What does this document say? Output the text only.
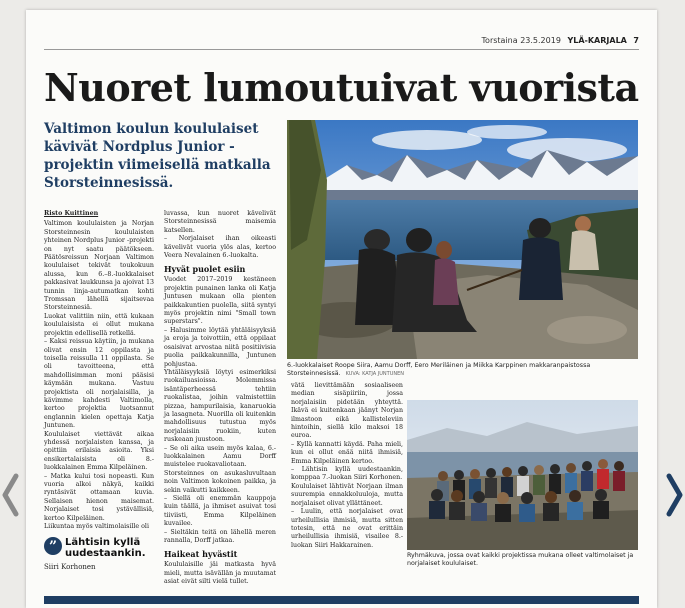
Torstaina 23.5.2019 YLÄ-KARJALA 7
Nuoret lumoutuivat vuorista

Valtimon koulun koululaiset kävivät Nordplus Junior -projektin viimeisellä matkalla Storsteinnesissä.

Risto Kuittinen

Valtimon koululaisten ja Norjan Storsteinnesin koululaisten yhteinen Nordplus Junior -projekti on nyt saatu päätökseen. Päätösreissun Norjaan Valtimon koululaiset tekivät toukokuun alussa, kun 6.–8.-luokkalaiset pakkasivat laukkunsa ja ajoivat 13 tunnin linja-autumatkan kohti Tromssan lähellä sijaitsevaa Storsteinnesiä.

Luokat valittiin niin, että kukaan koululaisista ei ollut mukana projektin edellisellä retkellä.

– Kaksi reissua käytiin, ja mukana olivat ensin 12 oppilasta ja toisella reissulla 11 oppilasta. Se oli tavoitteena, että mahdollisimman moni pääsisi käymään mukana. Vastuu projektista oli norjalaisilla, ja kävimme kahdesti Valtimolla, kertoo projektia luotsannut englannin kielen opettaja Katja Juntunen.

Koululaiset viettävät aikaa yhdessä norjalaisten kanssa, ja opittiin erilaisia asioita. Yksi ensikertalaisista oli 8.-luokkalainen Emma Kilpeläinen.

– Matka kului tosi nopeasti. Kun vuoria alkoi näkyä, kaikki ryntäsivät ottamaan kuvia. Sellaisen hienon maisemat. Norjalaiset tosi ystävällisiä, kertoo Kilpeläinen.

Liikuntaa myös valtimolaisille oli

” Lähtisin kyllä uudestaankin.
Siiri Korhonen

luvassa, kun nuoret kävelivät Storsteinnesissä maisemia katsellen.

– Norjalaiset ihan oikeasti kävelivät vuoria ylös alas, kertoo Veera Nevalainen 6.-luokalta.

Hyvät puolet esiin

Vuodet 2017–2019 kestäneen projektin punainen lanka oli Katja Juntusen mukaan olla pienten paikkakuntien puolella, siitä syntyi myös projektin nimi "Small town superstars".

– Halusimme löytää yhtäläisyyksiä ja eroja ja toivottiin, että oppilaat osaisivat arvostaa niitä positiivisia puolia paikkakunnilla, Juntunen pohjustaa.

Yhtäläisyyksiä löytyi esimerkiksi ruokailuasioissa. Molemmissa isäntäperheessä tehtiin ruokalistaa, joihin valmistettiin pizzaa, hampurilaisia, kanaruokia ja lasagneta. Nuorilla oli kuitenkin mahdollisuus tutustua myös norjalaisiin ruokiin, kuten ruskeaan juustoon.

– Se oli aika usein myös kalaa, 6.-luokkalainen Aamu Dorff muistelee ruokavaliotaan.

Storsteinnes on asukasluvultaan noin Valtimon kokoinen paikka, ja sekin vaikutti kaikkeen.

– Siellä oli enemmän kauppoja kuin täällä, ja ihmiset asuivat tosi tiiviisti, Emma Kilpeläinen kuvailee.

– Sieltäkin teitä on lähellä meren rannalla, Dorff jatkaa.

Haikeat hyvästit

Koululaisille jäi matkasta hyvä mieli, mutta isävällän ja muutamat asiat eivät silti vielä tullet.

6.-luokkalaiset Roope Siira, Aamu Dorff, Eero Meriläinen ja Miikka Karppinen makkaranpaistossa Storsteinnesissä. KUVA: KATJA JUNTUNEN

vätä lievittämään sosiaaliseen median sisäpiiriin, jossa norjalaisiin pidetään yhteyttä. Ikävä ei kuitenkaan jäänyt Norjan ilmastoon eikä kallisteleviin hintoihin, siellä kilo maksoi 18 euroa.

– Kyllä kannatti käydä. Paha mieli, kun ei ollut enää niitä ihmisiä, Emma Kilpeläinen kertoo.

– Lähtisin kyllä uudestaankin, komppaa 7.-luokan Siiri Korhonen.

Koululaiset lähtivät Norjaan ilman suurempia ennakkoluuloja, mutta norjalaiset olivat yllättäneet.

– Luulin, että norjalaiset ovat urheilullisia ihmisiä, mutta sitten totesin, että ne ovat erittäin urheilullisia ihmisiä, visailee 8.-luokan Siiri Hakkarainen.

Ryhmäkuva, jossa ovat kaikki projektissa mukana olleet valtimolaiset ja norjalaiset koululaiset.
